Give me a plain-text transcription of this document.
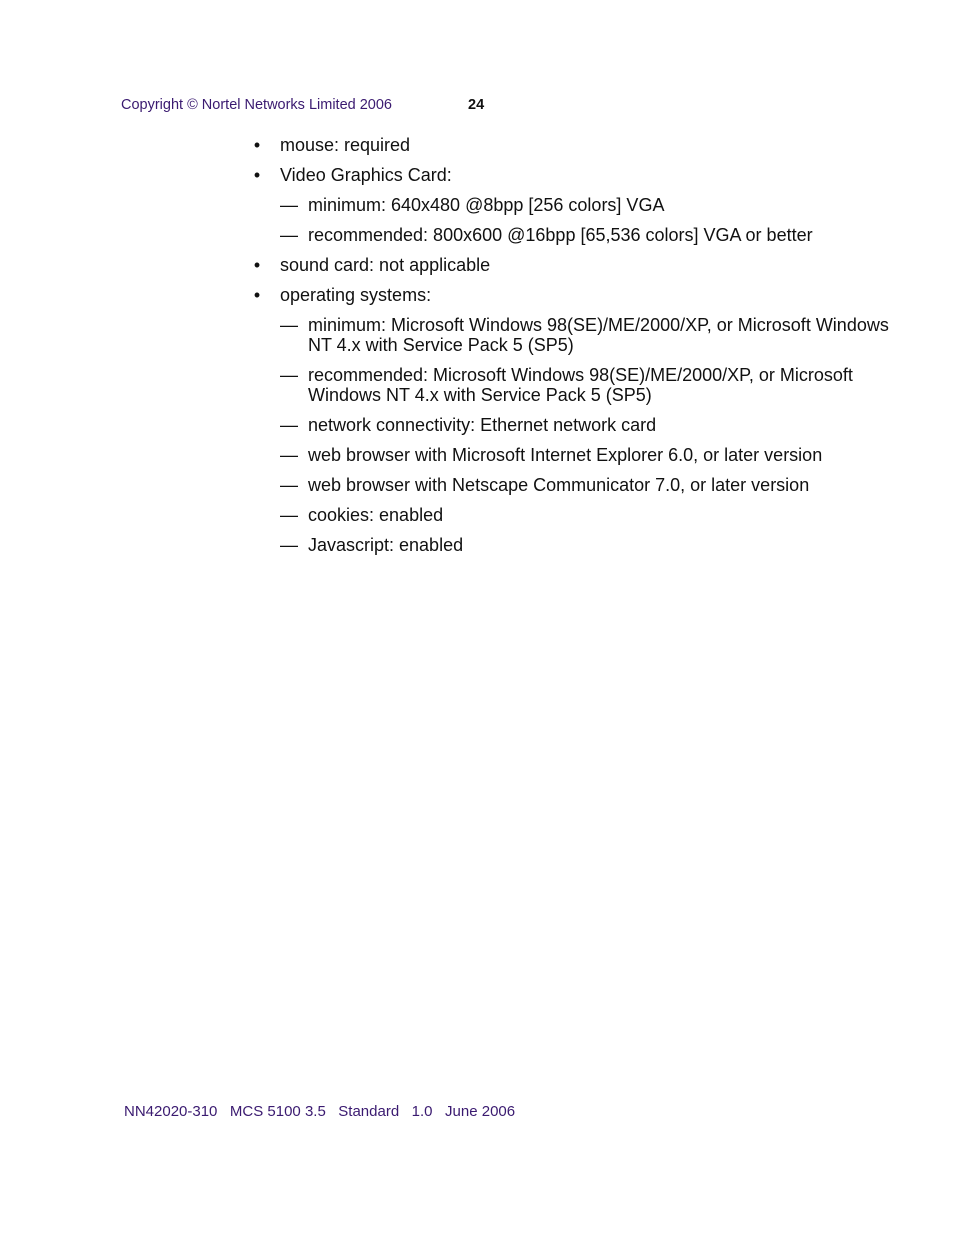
Copyright © Nortel Networks Limited 2006	24
• mouse: required
• Video Graphics Card:
— minimum: 640x480 @8bpp [256 colors] VGA
— recommended: 800x600 @16bpp [65,536 colors] VGA or better
• sound card: not applicable
• operating systems:
— minimum: Microsoft Windows 98(SE)/ME/2000/XP, or Microsoft Windows NT 4.x with Service Pack 5 (SP5)
— recommended: Microsoft Windows 98(SE)/ME/2000/XP, or Microsoft Windows NT 4.x with Service Pack 5 (SP5)
— network connectivity: Ethernet network card
— web browser with Microsoft Internet Explorer 6.0, or later version
— web browser with Netscape Communicator 7.0, or later version
— cookies: enabled
— Javascript: enabled
NN42020-310   MCS 5100 3.5   Standard   1.0   June 2006
